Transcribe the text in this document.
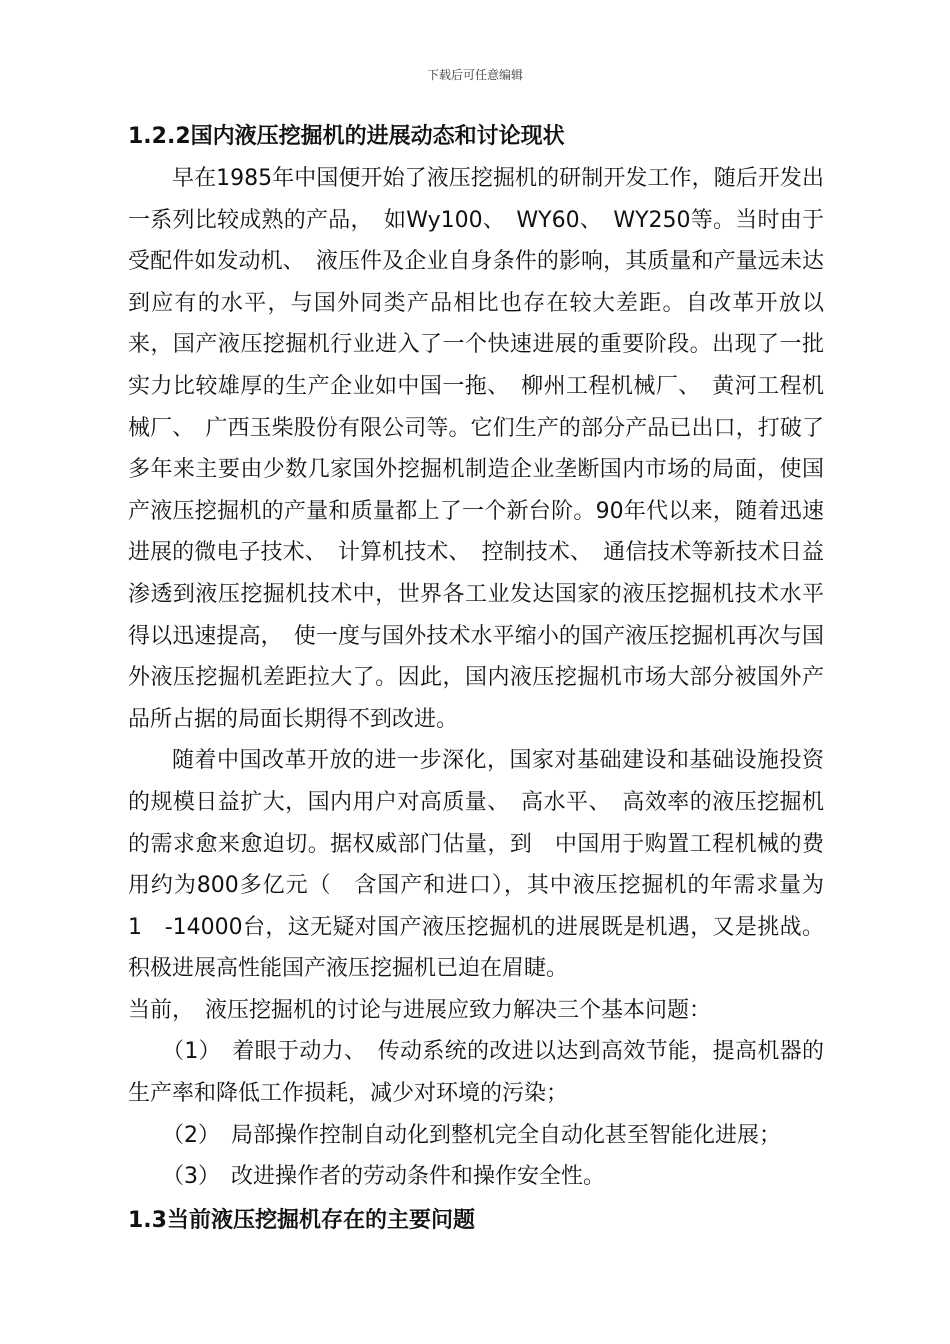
下载后可任意编辑
1.2.2国内液压挖掘机的进展动态和讨论现状

早在1985年中国便开始了液压挖掘机的研制开发工作，随后开发出一系列比较成熟的产品，　如Wy100、　WY60、　WY250等。当时由于受配件如发动机、　液压件及企业自身条件的影响，其质量和产量远未达到应有的水平，与国外同类产品相比也存在较大差距。自改革开放以来，国产液压挖掘机行业进入了一个快速进展的重要阶段。出现了一批实力比较雄厚的生产企业如中国一拖、　柳州工程机械厂、　黄河工程机械厂、　广西玉柴股份有限公司等。它们生产的部分产品已出口，打破了多年来主要由少数几家国外挖掘机制造企业垄断国内市场的局面，使国产液压挖掘机的产量和质量都上了一个新台阶。90年代以来，随着迅速进展的微电子技术、　计算机技术、　控制技术、　通信技术等新技术日益渗透到液压挖掘机技术中，世界各工业发达国家的液压挖掘机技术水平得以迅速提高，　使一度与国外技术水平缩小的国产液压挖掘机再次与国外液压挖掘机差距拉大了。因此，国内液压挖掘机市场大部分被国外产品所占据的局面长期得不到改进。

随着中国改革开放的进一步深化，国家对基础建设和基础设施投资的规模日益扩大，国内用户对高质量、　高水平、　高效率的液压挖掘机的需求愈来愈迫切。据权威部门估量，到　中国用于购置工程机械的费用约为800多亿元（　含国产和进口），其中液压挖掘机的年需求量为1　-14000台，这无疑对国产液压挖掘机的进展既是机遇，又是挑战。积极进展高性能国产液压挖掘机已迫在眉睫。

当前，　液压挖掘机的讨论与进展应致力解决三个基本问题：

（1）　着眼于动力、　传动系统的改进以达到高效节能，提高机器的生产率和降低工作损耗，减少对环境的污染；

（2）　局部操作控制自动化到整机完全自动化甚至智能化进展；

（3）　改进操作者的劳动条件和操作安全性。

1.3当前液压挖掘机存在的主要问题
